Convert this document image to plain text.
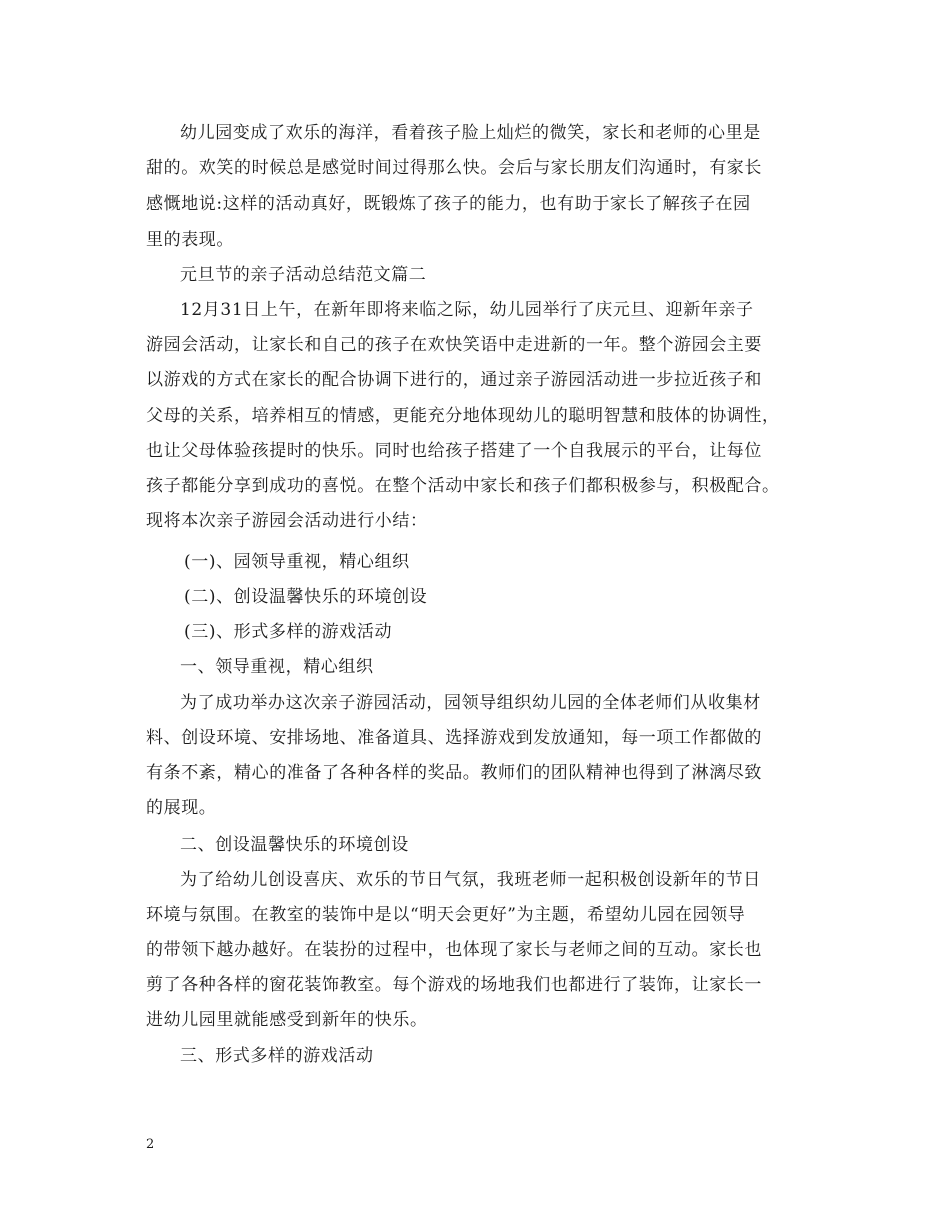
幼儿园变成了欢乐的海洋，看着孩子脸上灿烂的微笑，家长和老师的心里是
甜的。欢笑的时候总是感觉时间过得那么快。会后与家长朋友们沟通时，有家长
感慨地说:这样的活动真好，既锻炼了孩子的能力，也有助于家长了解孩子在园
里的表现。
元旦节的亲子活动总结范文篇二
12月31日上午，在新年即将来临之际，幼儿园举行了庆元旦、迎新年亲子
游园会活动，让家长和自己的孩子在欢快笑语中走进新的一年。整个游园会主要
以游戏的方式在家长的配合协调下进行的，通过亲子游园活动进一步拉近孩子和
父母的关系，培养相互的情感，更能充分地体现幼儿的聪明智慧和肢体的协调性，
也让父母体验孩提时的快乐。同时也给孩子搭建了一个自我展示的平台，让每位
孩子都能分享到成功的喜悦。在整个活动中家长和孩子们都积极参与，积极配合。
现将本次亲子游园会活动进行小结：
(一)、园领导重视，精心组织
(二)、创设温馨快乐的环境创设
(三)、形式多样的游戏活动
一、领导重视，精心组织
为了成功举办这次亲子游园活动，园领导组织幼儿园的全体老师们从收集材
料、创设环境、安排场地、准备道具、选择游戏到发放通知，每一项工作都做的
有条不紊，精心的准备了各种各样的奖品。教师们的团队精神也得到了淋漓尽致
的展现。
二、创设温馨快乐的环境创设
为了给幼儿创设喜庆、欢乐的节日气氛，我班老师一起积极创设新年的节日
环境与氛围。在教室的装饰中是以“明天会更好”为主题，希望幼儿园在园领导
的带领下越办越好。在装扮的过程中，也体现了家长与老师之间的互动。家长也
剪了各种各样的窗花装饰教室。每个游戏的场地我们也都进行了装饰，让家长一
进幼儿园里就能感受到新年的快乐。
三、形式多样的游戏活动
2
